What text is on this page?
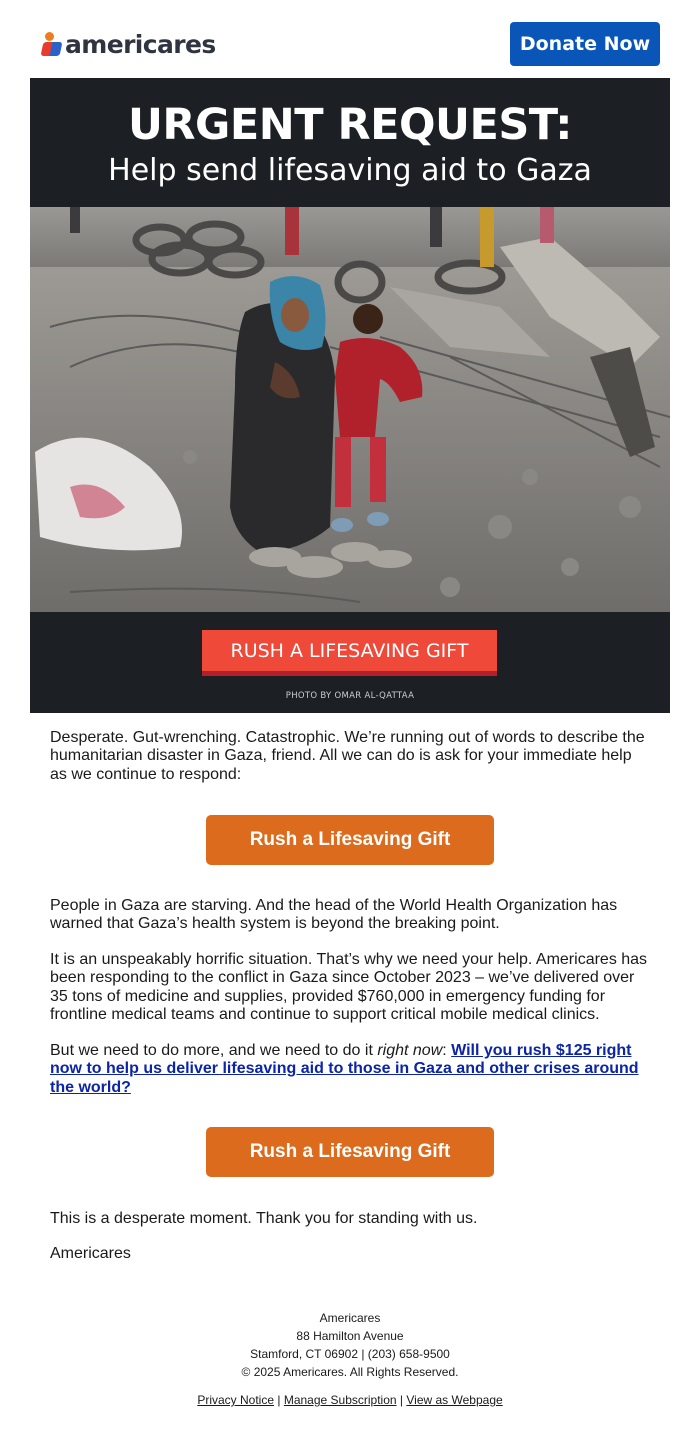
americares	Donate Now
URGENT REQUEST:
Help send lifesaving aid to Gaza
RUSH A LIFESAVING GIFT
PHOTO BY OMAR AL-QATTAA

Desperate. Gut-wrenching. Catastrophic. We’re running out of words to describe the humanitarian disaster in Gaza, friend. All we can do is ask for your immediate help as we continue to respond:

Rush a Lifesaving Gift

People in Gaza are starving. And the head of the World Health Organization has warned that Gaza’s health system is beyond the breaking point.

It is an unspeakably horrific situation. That’s why we need your help. Americares has been responding to the conflict in Gaza since October 2023 – we’ve delivered over 35 tons of medicine and supplies, provided $760,000 in emergency funding for frontline medical teams and continue to support critical mobile medical clinics.

But we need to do more, and we need to do it right now: Will you rush $125 right now to help us deliver lifesaving aid to those in Gaza and other crises around the world?

Rush a Lifesaving Gift

This is a desperate moment. Thank you for standing with us.

Americares

Americares
88 Hamilton Avenue
Stamford, CT 06902 | (203) 658-9500
© 2025 Americares. All Rights Reserved.
Privacy Notice | Manage Subscription | View as Webpage
